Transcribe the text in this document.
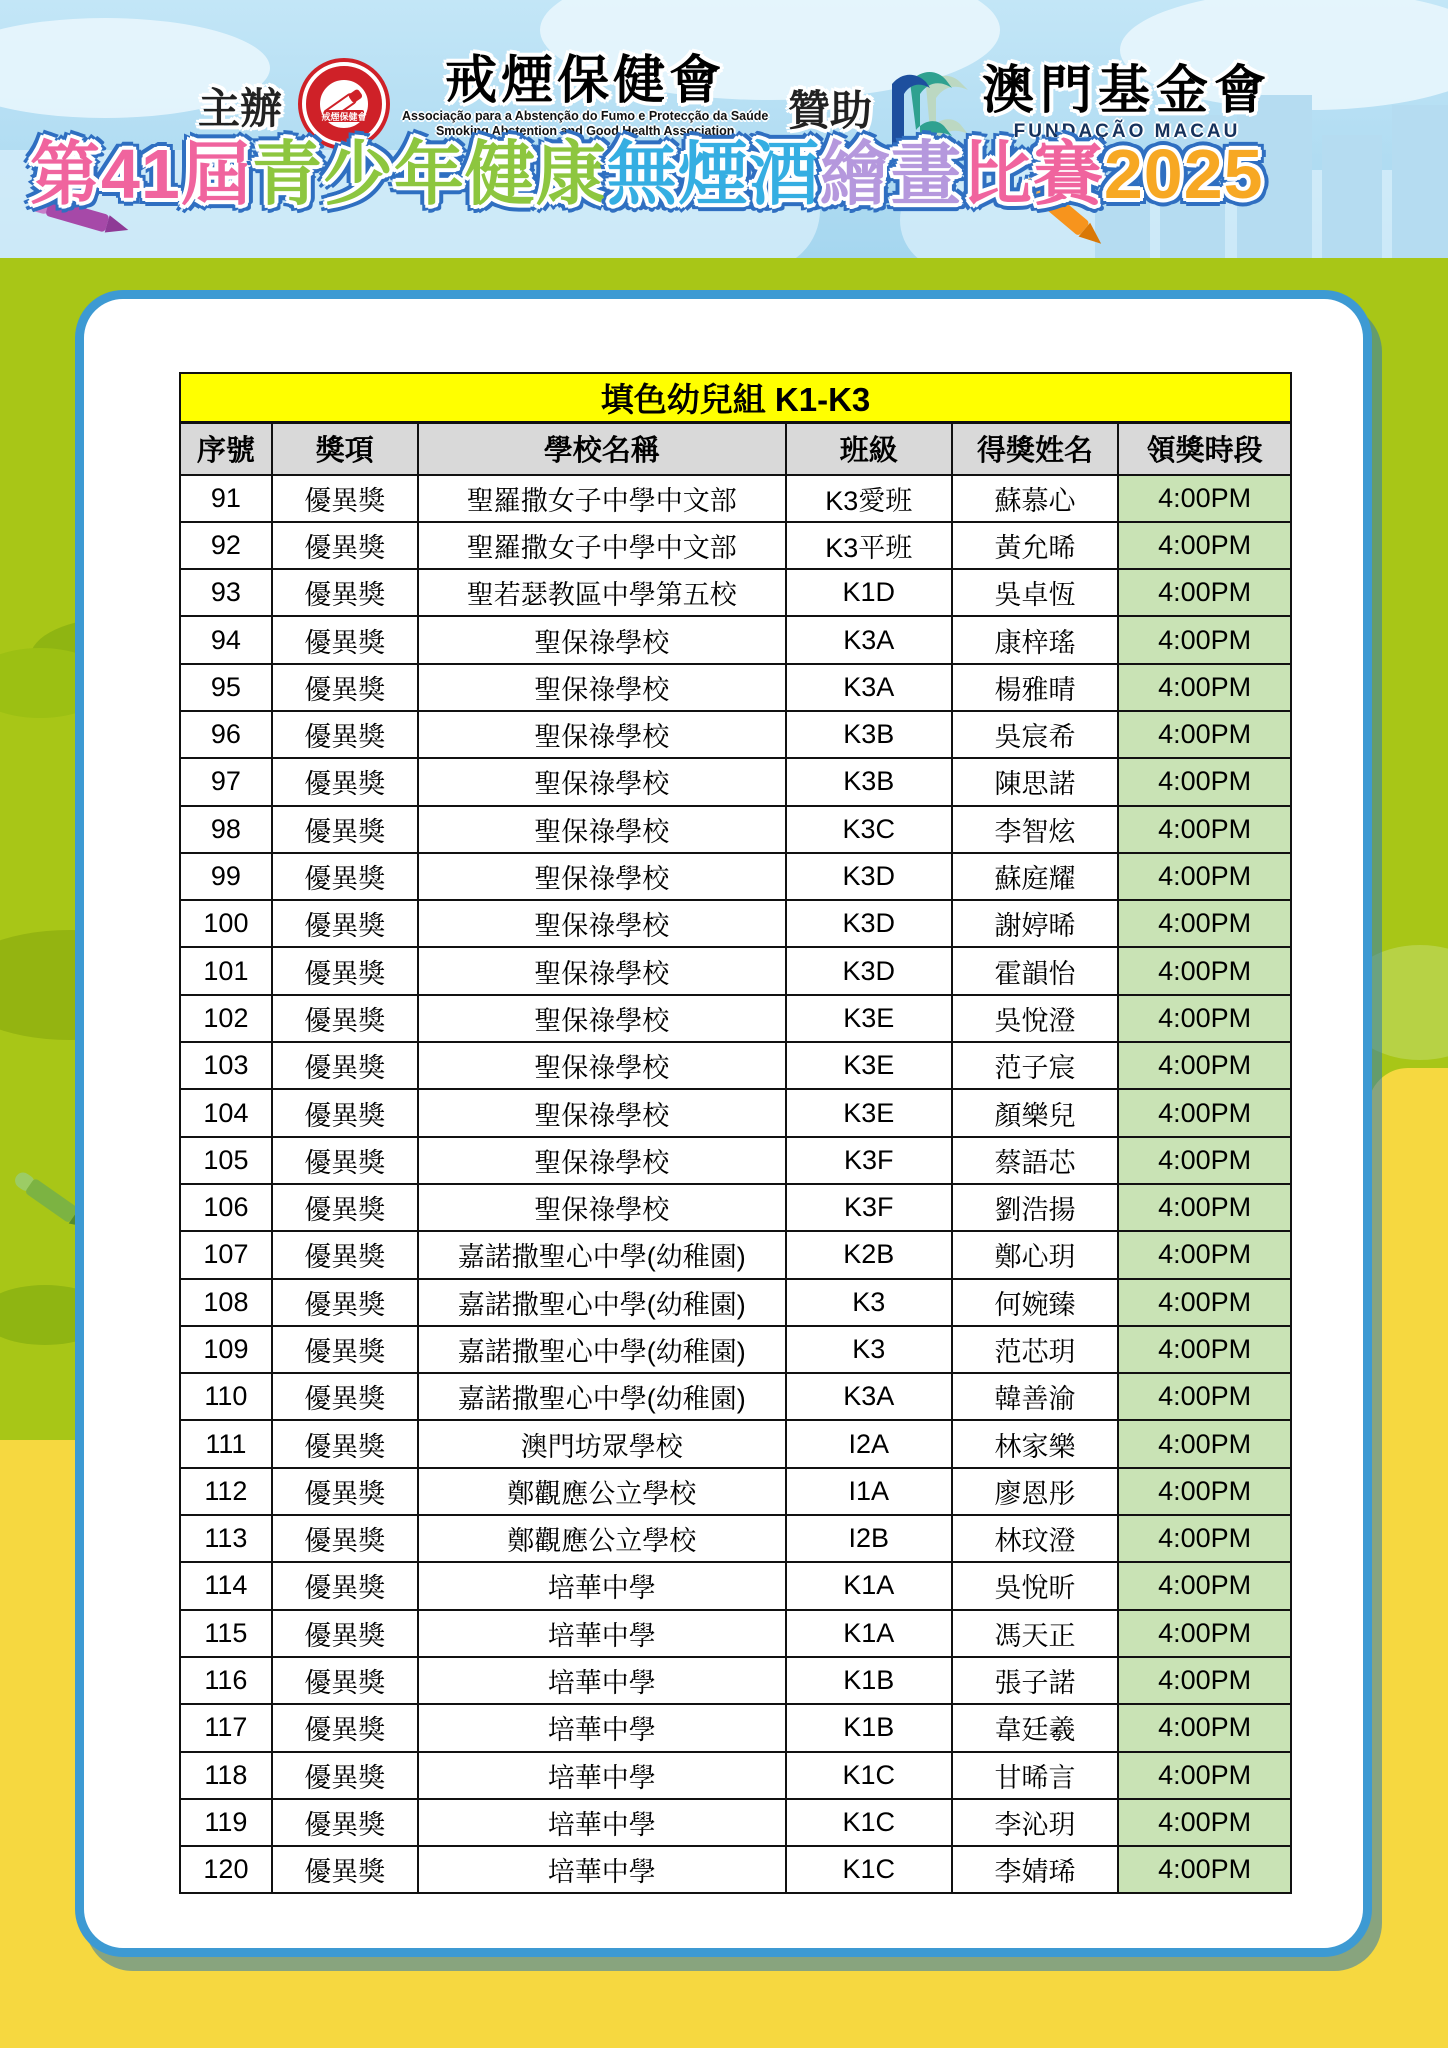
主辦	戒煙保健會
戒煙保健會
Associação para a Abstenção do Fumo e Protecção da Saúde
Smoking Abstention and Good Health Association 贊助 澳門基金會
FUNDAÇÃO MACAU
第41屆青少年健康無煙酒繪畫比賽2025
填色幼兒組 K1-K3					
序號	獎項	學校名稱	班級	得獎姓名	領獎時段
91	優異獎	聖羅撒女子中學中文部	K3愛班	蘇慕心	4:00PM
92	優異獎	聖羅撒女子中學中文部	K3平班	黃允晞	4:00PM
93	優異獎	聖若瑟教區中學第五校	K1D	吳卓恆	4:00PM
94	優異獎	聖保祿學校	K3A	康梓瑤	4:00PM
95	優異獎	聖保祿學校	K3A	楊雅晴	4:00PM
96	優異獎	聖保祿學校	K3B	吳宸希	4:00PM
97	優異獎	聖保祿學校	K3B	陳思諾	4:00PM
98	優異獎	聖保祿學校	K3C	李智炫	4:00PM
99	優異獎	聖保祿學校	K3D	蘇庭耀	4:00PM
100	優異獎	聖保祿學校	K3D	謝婷晞	4:00PM
101	優異獎	聖保祿學校	K3D	霍韻怡	4:00PM
102	優異獎	聖保祿學校	K3E	吳悅澄	4:00PM
103	優異獎	聖保祿學校	K3E	范子宸	4:00PM
104	優異獎	聖保祿學校	K3E	顏樂兒	4:00PM
105	優異獎	聖保祿學校	K3F	蔡語芯	4:00PM
106	優異獎	聖保祿學校	K3F	劉浩揚	4:00PM
107	優異獎	嘉諾撒聖心中學(幼稚園)	K2B	鄭心玥	4:00PM
108	優異獎	嘉諾撒聖心中學(幼稚園)	K3	何婉臻	4:00PM
109	優異獎	嘉諾撒聖心中學(幼稚園)	K3	范芯玥	4:00PM
110	優異獎	嘉諾撒聖心中學(幼稚園)	K3A	韓善渝	4:00PM
111	優異獎	澳門坊眾學校	I2A	林家樂	4:00PM
112	優異獎	鄭觀應公立學校	I1A	廖恩彤	4:00PM
113	優異獎	鄭觀應公立學校	I2B	林玟澄	4:00PM
114	優異獎	培華中學	K1A	吳悅昕	4:00PM
115	優異獎	培華中學	K1A	馮天正	4:00PM
116	優異獎	培華中學	K1B	張子諾	4:00PM
117	優異獎	培華中學	K1B	韋廷羲	4:00PM
118	優異獎	培華中學	K1C	甘晞言	4:00PM
119	優異獎	培華中學	K1C	李沁玥	4:00PM
120	優異獎	培華中學	K1C	李婧琋	4:00PM
